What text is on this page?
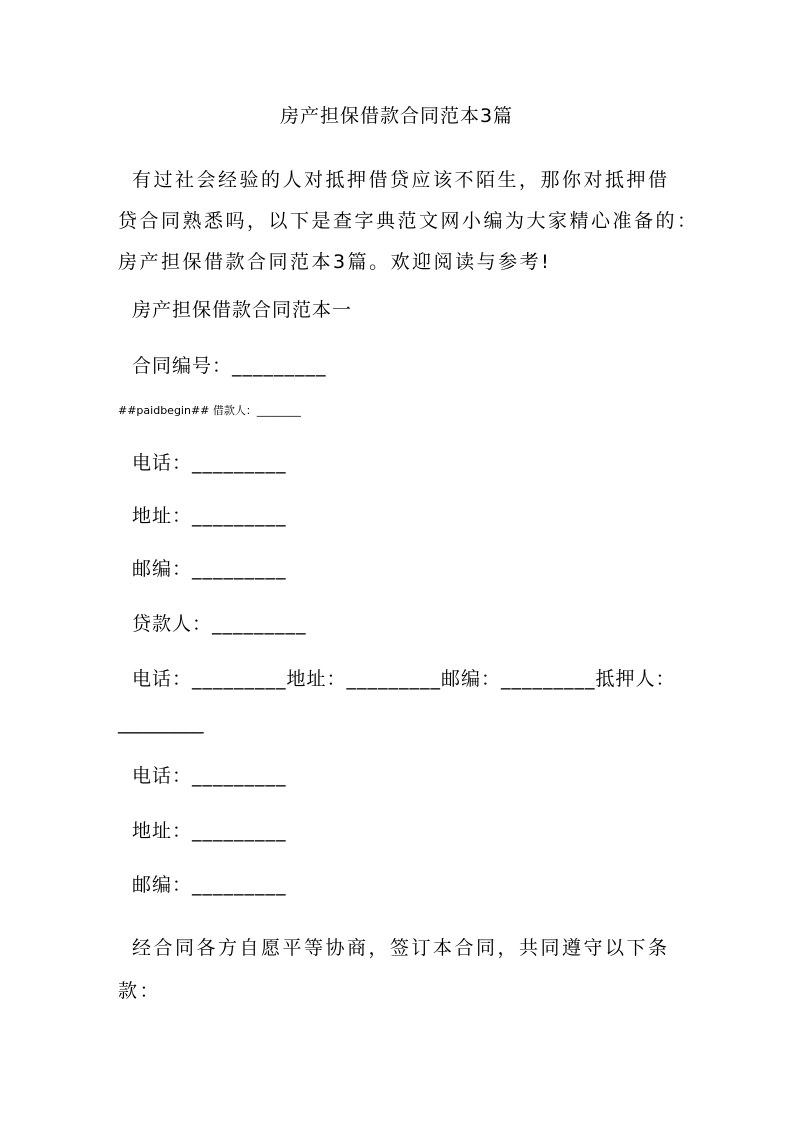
房产担保借款合同范本3篇
有过社会经验的人对抵押借贷应该不陌生，那你对抵押借
贷合同熟悉吗，以下是查字典范文网小编为大家精心准备的：
房产担保借款合同范本3篇。欢迎阅读与参考!
房产担保借款合同范本一
合同编号：_________
##paidbegin## 借款人：________
电话：_________
地址：_________
邮编：_________
贷款人：_________
电话：_________地址：_________邮编：_________抵押人：
_________
电话：_________
地址：_________
邮编：_________
经合同各方自愿平等协商，签订本合同，共同遵守以下条
款：
